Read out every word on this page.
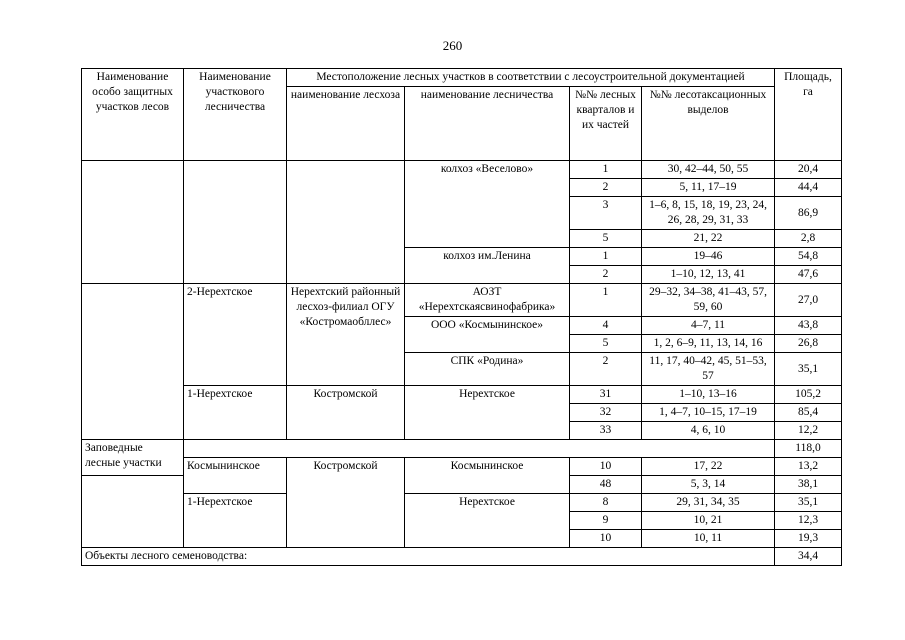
260
Наименование особо защитных участков лесов	Наименование участкового лесничества	Местоположение лесных участков в соответствии с лесоустроительной документацией				Площадь, га
		наименование лесхоза	наименование лесничества	№№ лесных кварталов и их частей	№№ лесотаксационных выделов	
			колхоз «Веселово»	1	30, 42–44, 50, 55	20,4
				2	5, 11, 17–19	44,4
				3	1–6, 8, 15, 18, 19, 23, 24, 26, 28, 29, 31, 33	86,9
				5	21, 22	2,8
			колхоз им.Ленина	1	19–46	54,8
				2	1–10, 12, 13, 41	47,6
	2-Нерехтское	Нерехтский районный лесхоз-филиал ОГУ «Костромаобллес»	АОЗТ «Нерехтскаясвинофабрика»	1	29–32, 34–38, 41–43, 57, 59, 60	27,0
			ООО «Космынинское»	4	4–7, 11	43,8
				5	1, 2, 6–9, 11, 13, 14, 16	26,8
			СПК «Родина»	2	11, 17, 40–42, 45, 51–53, 57	35,1
	1-Нерехтское	Костромской	Нерехтское	31	1–10, 13–16	105,2
				32	1, 4–7, 10–15, 17–19	85,4
				33	4, 6, 10	12,2
Заповедные лесные участки						118,0
	Космынинское	Костромской	Космынинское	10	17, 22	13,2
				48	5, 3, 14	38,1
	1-Нерехтское		Нерехтское	8	29, 31, 34, 35	35,1
				9	10, 21	12,3
				10	10, 11	19,3
Объекты лесного семеноводства:						34,4
